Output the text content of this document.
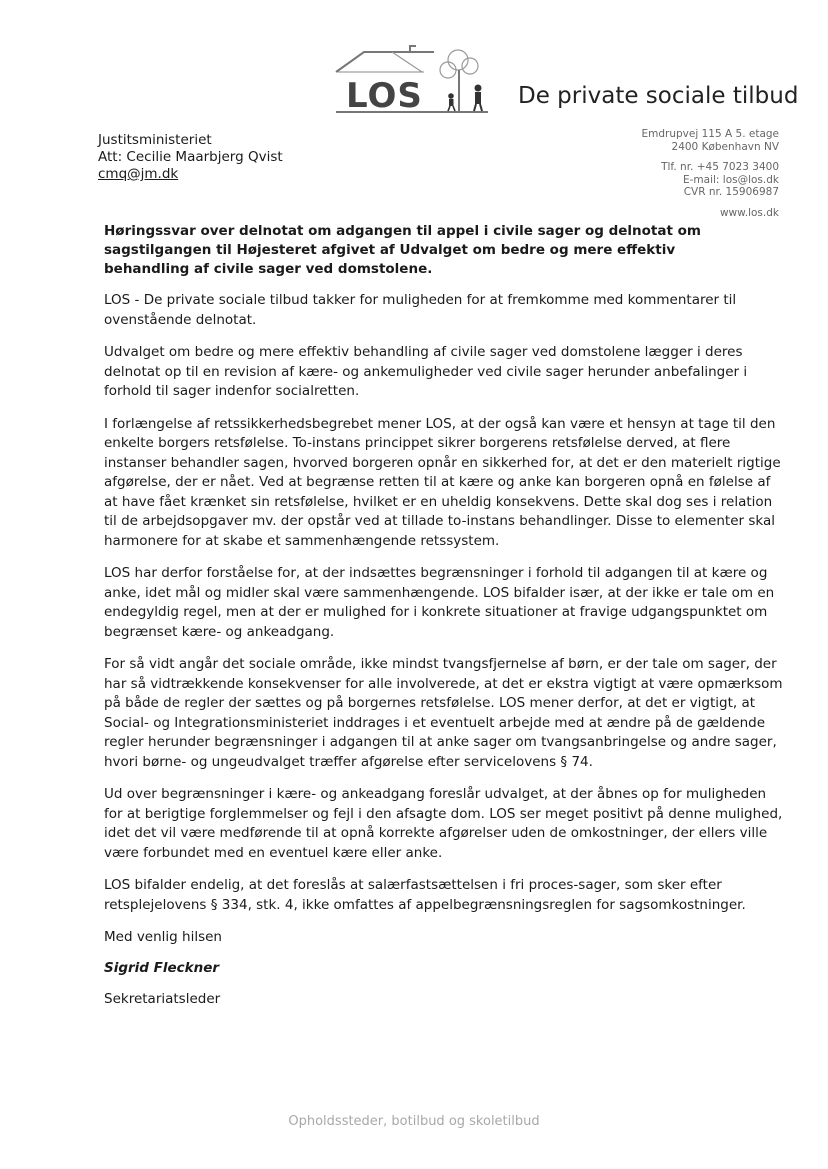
LOS	De private sociale tilbud
Justitsministeriet
Att: Cecilie Maarbjerg Qvist
cmq@jm.dk
Emdrupvej 115 A 5. etage
2400 København NV
Tlf. nr. +45 7023 3400
E-mail: los@los.dk
CVR nr. 15906987
www.los.dk

Høringssvar over delnotat om adgangen til appel i civile sager og delnotat om sagstilgangen til Højesteret afgivet af Udvalget om bedre og mere effektiv behandling af civile sager ved domstolene.

LOS - De private sociale tilbud takker for muligheden for at fremkomme med kommentarer til ovenstående delnotat.

Udvalget om bedre og mere effektiv behandling af civile sager ved domstolene lægger i deres delnotat op til en revision af kære- og ankemuligheder ved civile sager herunder anbefalinger i forhold til sager indenfor socialretten.

I forlængelse af retssikkerhedsbegrebet mener LOS, at der også kan være et hensyn at tage til den enkelte borgers retsfølelse. To-instans princippet sikrer borgerens retsfølelse derved, at flere instanser behandler sagen, hvorved borgeren opnår en sikkerhed for, at det er den materielt rigtige afgørelse, der er nået. Ved at begrænse retten til at kære og anke kan borgeren opnå en følelse af at have fået krænket sin retsfølelse, hvilket er en uheldig konsekvens. Dette skal dog ses i relation til de arbejdsopgaver mv. der opstår ved at tillade to-instans behandlinger. Disse to elementer skal harmonere for at skabe et sammenhængende retssystem.

LOS har derfor forståelse for, at der indsættes begrænsninger i forhold til adgangen til at kære og anke, idet mål og midler skal være sammenhængende. LOS bifalder især, at der ikke er tale om en endegyldig regel, men at der er mulighed for i konkrete situationer at fravige udgangspunktet om begrænset kære- og ankeadgang.

For så vidt angår det sociale område, ikke mindst tvangsfjernelse af børn, er der tale om sager, der har så vidtrækkende konsekvenser for alle involverede, at det er ekstra vigtigt at være opmærksom på både de regler der sættes og på borgernes retsfølelse. LOS mener derfor, at det er vigtigt, at Social- og Integrationsministeriet inddrages i et eventuelt arbejde med at ændre på de gældende regler herunder begrænsninger i adgangen til at anke sager om tvangsanbringelse og andre sager, hvori børne- og ungeudvalget træffer afgørelse efter servicelovens § 74.

Ud over begrænsninger i kære- og ankeadgang foreslår udvalget, at der åbnes op for muligheden for at berigtige forglemmelser og fejl i den afsagte dom. LOS ser meget positivt på denne mulighed, idet det vil være medførende til at opnå korrekte afgørelser uden de omkostninger, der ellers ville være forbundet med en eventuel kære eller anke.

LOS bifalder endelig, at det foreslås at salærfastsættelsen i fri proces-sager, som sker efter retsplejelovens § 334, stk. 4, ikke omfattes af appelbegrænsningsreglen for sagsomkostninger.

Med venlig hilsen

Sigrid Fleckner

Sekretariatsleder

Opholdssteder, botilbud og skoletilbud
